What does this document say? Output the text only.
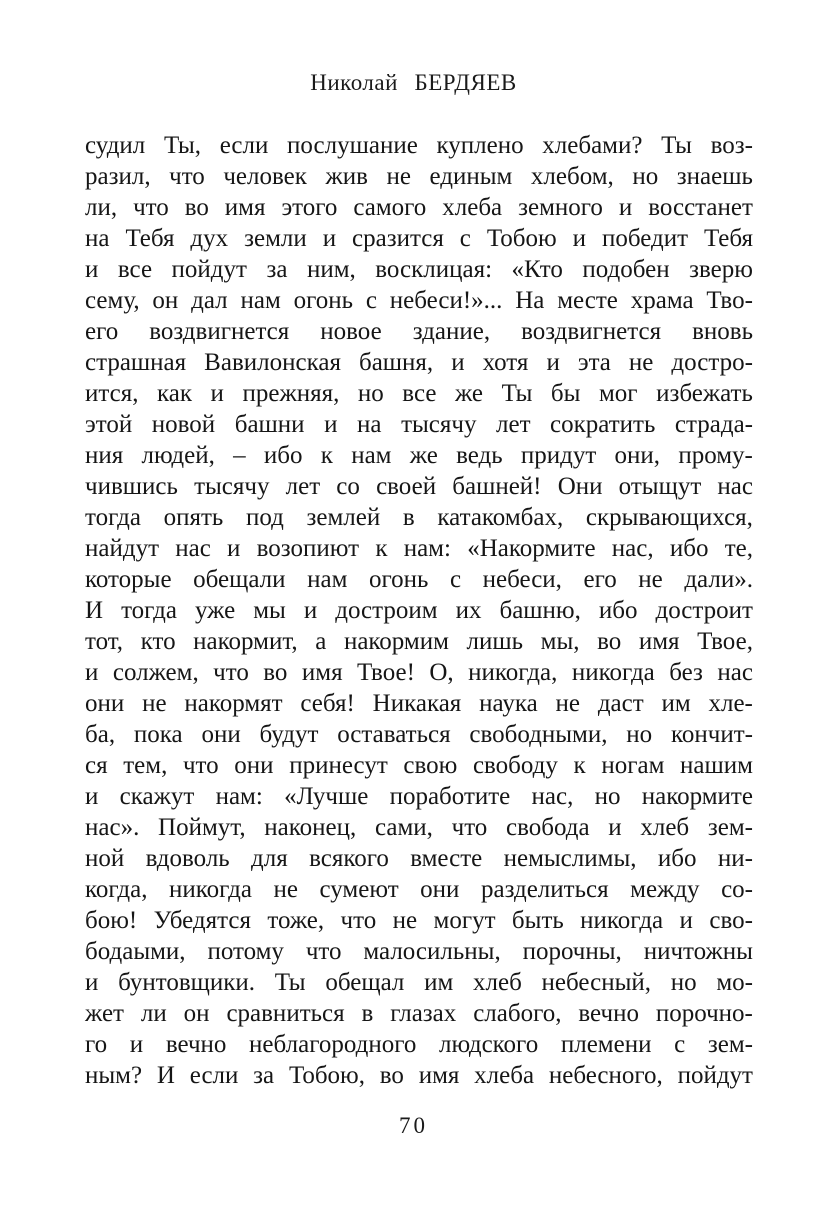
Николай БЕРДЯЕВ
судил Ты, если послушание куплено хлебами? Ты воз-
разил, что человек жив не единым хлебом, но знаешь
ли, что во имя этого самого хлеба земного и восстанет
на Тебя дух земли и сразится с Тобою и победит Тебя
и все пойдут за ним, восклицая: «Кто подобен зверю
сему, он дал нам огонь с небеси!»... На месте храма Тво-
его воздвигнется новое здание, воздвигнется вновь
страшная Вавилонская башня, и хотя и эта не достро-
ится, как и прежняя, но все же Ты бы мог избежать
этой новой башни и на тысячу лет сократить страда-
ния людей, – ибо к нам же ведь придут они, прому-
чившись тысячу лет со своей башней! Они отыщут нас
тогда опять под землей в катакомбах, скрывающихся,
найдут нас и возопиют к нам: «Накормите нас, ибо те,
которые обещали нам огонь с небеси, его не дали».
И тогда уже мы и достроим их башню, ибо достроит
тот, кто накормит, а накормим лишь мы, во имя Твое,
и солжем, что во имя Твое! О, никогда, никогда без нас
они не накормят себя! Никакая наука не даст им хле-
ба, пока они будут оставаться свободными, но кончит-
ся тем, что они принесут свою свободу к ногам нашим
и скажут нам: «Лучше поработите нас, но накормите
нас». Поймут, наконец, сами, что свобода и хлеб зем-
ной вдоволь для всякого вместе немыслимы, ибо ни-
когда, никогда не сумеют они разделиться между со-
бою! Убедятся тоже, что не могут быть никогда и сво-
бодаыми, потому что малосильны, порочны, ничтожны
и бунтовщики. Ты обещал им хлеб небесный, но мо-
жет ли он сравниться в глазах слабого, вечно порочно-
го и вечно неблагородного людского племени с зем-
ным? И если за Тобою, во имя хлеба небесного, пойдут
70
